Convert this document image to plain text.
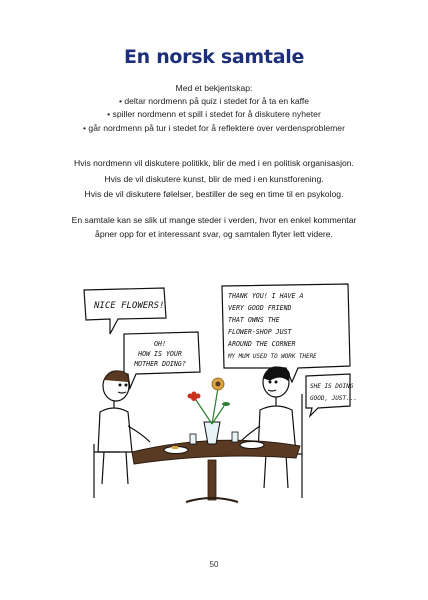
En norsk samtale
Med et bekjentskap:
• deltar nordmenn på quiz i stedet for å ta en kaffe
• spiller nordmenn et spill i stedet for å diskutere nyheter
• går nordmenn på tur i stedet for å reflektere over verdensproblemer
Hvis nordmenn vil diskutere politikk, blir de med i en politisk organisasjon.
Hvis de vil diskutere kunst, blir de med i en kunstforening.
Hvis de vil diskutere følelser, bestiller de seg en time til en psykolog.
En samtale kan se slik ut mange steder i verden, hvor en enkel kommentar
åpner opp for et interessant svar, og samtalen flyter lett videre.
NICE FLOWERS!
OH!
HOW IS YOUR
MOTHER DOING?
THANK YOU! I HAVE A
VERY GOOD FRIEND
THAT OWNS THE
FLOWER-SHOP JUST
AROUND THE CORNER
MY MUM USED TO WORK THERE
SHE IS DOING
GOOD, JUST...
50
